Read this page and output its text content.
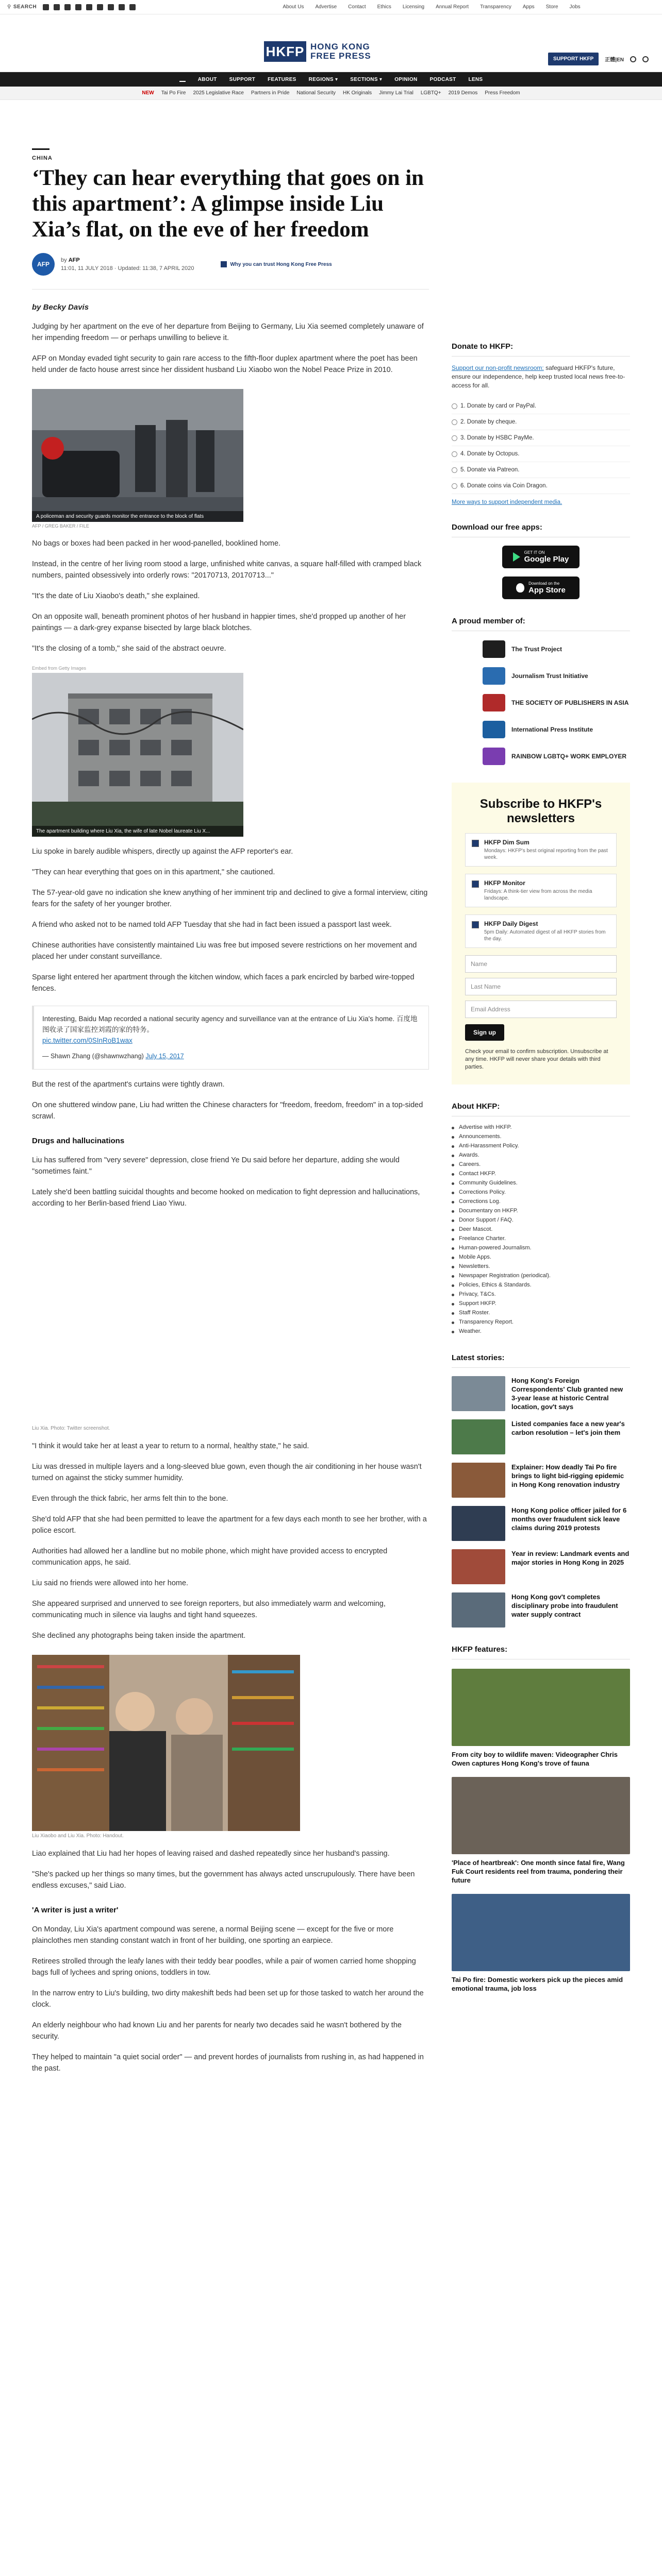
⚲ SEARCH	About Us Advertise Contact Ethics Licensing Annual Report Transparency Apps Store Jobs
HKFP HONG KONG
FREE PRESS	SUPPORT HKFP	正體|EN
ABOUT SUPPORT FEATURES REGIONS ▾ SECTIONS ▾ OPINION PODCAST LENS
NEW Tai Po Fire 2025 Legislative Race Partners in Pride National Security HK Originals Jimmy Lai Trial LGBTQ+ 2019 Demos Press Freedom
CHINA
‘They can hear everything that goes on in this apartment’: A glimpse inside Liu Xia’s flat, on the eve of her freedom
AFP
by AFP
11:01, 11 JULY 2018 · Updated: 11:38, 7 APRIL 2020
Why you can trust Hong Kong Free Press
by Becky Davis

Judging by her apartment on the eve of her departure from Beijing to Germany, Liu Xia seemed completely unaware of her impending freedom — or perhaps unwilling to believe it.

AFP on Monday evaded tight security to gain rare access to the fifth-floor duplex apartment where the poet has been held under de facto house arrest since her dissident husband Liu Xiaobo won the Nobel Peace Prize in 2010.

A policeman and security guards monitor the entrance to the block of flats
AFP / GREG BAKER / FILE

No bags or boxes had been packed in her wood-panelled, booklined home.

Instead, in the centre of her living room stood a large, unfinished white canvas, a square half-filled with cramped black numbers, painted obsessively into orderly rows: "20170713, 20170713..."

"It's the date of Liu Xiaobo's death," she explained.

On an opposite wall, beneath prominent photos of her husband in happier times, she'd propped up another of her paintings — a dark-grey expanse bisected by large black blotches.

"It's the closing of a tomb," she said of the abstract oeuvre.

Embed from Getty Images
The apartment building where Liu Xia, the wife of late Nobel laureate Liu X...

Liu spoke in barely audible whispers, directly up against the AFP reporter's ear.

"They can hear everything that goes on in this apartment," she cautioned.

The 57-year-old gave no indication she knew anything of her imminent trip and declined to give a formal interview, citing fears for the safety of her younger brother.

A friend who asked not to be named told AFP Tuesday that she had in fact been issued a passport last week.

Chinese authorities have consistently maintained Liu was free but imposed severe restrictions on her movement and placed her under constant surveillance.

Sparse light entered her apartment through the kitchen window, which faces a park encircled by barbed wire-topped fences.

Interesting, Baidu Map recorded a national security agency and surveillance van at the entrance of Liu Xia's home. 百度地图收录了国家监控刘霞的家的特务。
pic.twitter.com/0SInRoB1wax
— Shawn Zhang (@shawnwzhang) July 15, 2017

But the rest of the apartment's curtains were tightly drawn.

On one shuttered window pane, Liu had written the Chinese characters for "freedom, freedom, freedom" in a top-sided scrawl.

Drugs and hallucinations

Liu has suffered from "very severe" depression, close friend Ye Du said before her departure, adding she would "sometimes faint."

Lately she'd been battling suicidal thoughts and become hooked on medication to fight depression and hallucinations, according to her Berlin-based friend Liao Yiwu.

Liu Xia. Photo: Twitter screenshot.

"I think it would take her at least a year to return to a normal, healthy state," he said.

Liu was dressed in multiple layers and a long-sleeved blue gown, even though the air conditioning in her house wasn't turned on against the sticky summer humidity.

Even through the thick fabric, her arms felt thin to the bone.

She'd told AFP that she had been permitted to leave the apartment for a few days each month to see her brother, with a police escort.

Authorities had allowed her a landline but no mobile phone, which might have provided access to encrypted communication apps, he said.

Liu said no friends were allowed into her home.

She appeared surprised and unnerved to see foreign reporters, but also immediately warm and welcoming, communicating much in silence via laughs and tight hand squeezes.

She declined any photographs being taken inside the apartment.

Liu Xiaobo and Liu Xia. Photo: Handout.

Liao explained that Liu had her hopes of leaving raised and dashed repeatedly since her husband's passing.

"She's packed up her things so many times, but the government has always acted unscrupulously. There have been endless excuses," said Liao.

'A writer is just a writer'

On Monday, Liu Xia's apartment compound was serene, a normal Beijing scene — except for the five or more plainclothes men standing constant watch in front of her building, one sporting an earpiece.

Retirees strolled through the leafy lanes with their teddy bear poodles, while a pair of women carried home shopping bags full of lychees and spring onions, toddlers in tow.

In the narrow entry to Liu's building, two dirty makeshift beds had been set up for those tasked to watch her around the clock.

An elderly neighbour who had known Liu and her parents for nearly two decades said he wasn't bothered by the security.

They helped to maintain "a quiet social order" — and prevent hordes of journalists from rushing in, as had happened in the past.

Donate to HKFP:
Support our non-profit newsroom: safeguard HKFP's future, ensure our independence, help keep trusted local news free-to-access for all.
1. Donate by card or PayPal.
2. Donate by cheque.
3. Donate by HSBC PayMe.
4. Donate by Octopus.
5. Donate via Patreon.
6. Donate coins via Coin Dragon.
More ways to support independent media.
Download our free apps:
GET IT ON
Google Play
Download on the
App Store
A proud member of:
The Trust Project
Journalism Trust Initiative
THE SOCIETY OF PUBLISHERS IN ASIA
International Press Institute
RAINBOW LGBTQ+ WORK EMPLOYER
Subscribe to HKFP's newsletters
HKFP Dim Sum
Mondays: HKFP's best original reporting from the past week.
HKFP Monitor
Fridays: A think-tier view from across the media landscape.
HKFP Daily Digest
5pm Daily: Automated digest of all HKFP stories from the day.
Name
Last Name
Email Address
Sign up
Check your email to confirm subscription. Unsubscribe at any time. HKFP will never share your details with third parties.
About HKFP:
Advertise with HKFP.
Announcements.
Anti-Harassment Policy.
Awards.
Careers.
Contact HKFP.
Community Guidelines.
Corrections Policy.
Corrections Log.
Documentary on HKFP.
Donor Support / FAQ.
Deer Mascot.
Freelance Charter.
Human-powered Journalism.
Mobile Apps.
Newsletters.
Newspaper Registration (periodical).
Policies, Ethics & Standards.
Privacy, T&Cs.
Support HKFP.
Staff Roster.
Transparency Report.
Weather.
Latest stories:
Hong Kong's Foreign Correspondents' Club granted new 3-year lease at historic Central location, gov't says
Listed companies face a new year's carbon resolution – let's join them
Explainer: How deadly Tai Po fire brings to light bid-rigging epidemic in Hong Kong renovation industry
Hong Kong police officer jailed for 6 months over fraudulent sick leave claims during 2019 protests
Year in review: Landmark events and major stories in Hong Kong in 2025
Hong Kong gov't completes disciplinary probe into fraudulent water supply contract
HKFP features:
From city boy to wildlife maven: Videographer Chris Owen captures Hong Kong's trove of fauna
'Place of heartbreak': One month since fatal fire, Wang Fuk Court residents reel from trauma, pondering their future
Tai Po fire: Domestic workers pick up the pieces amid emotional trauma, job loss
